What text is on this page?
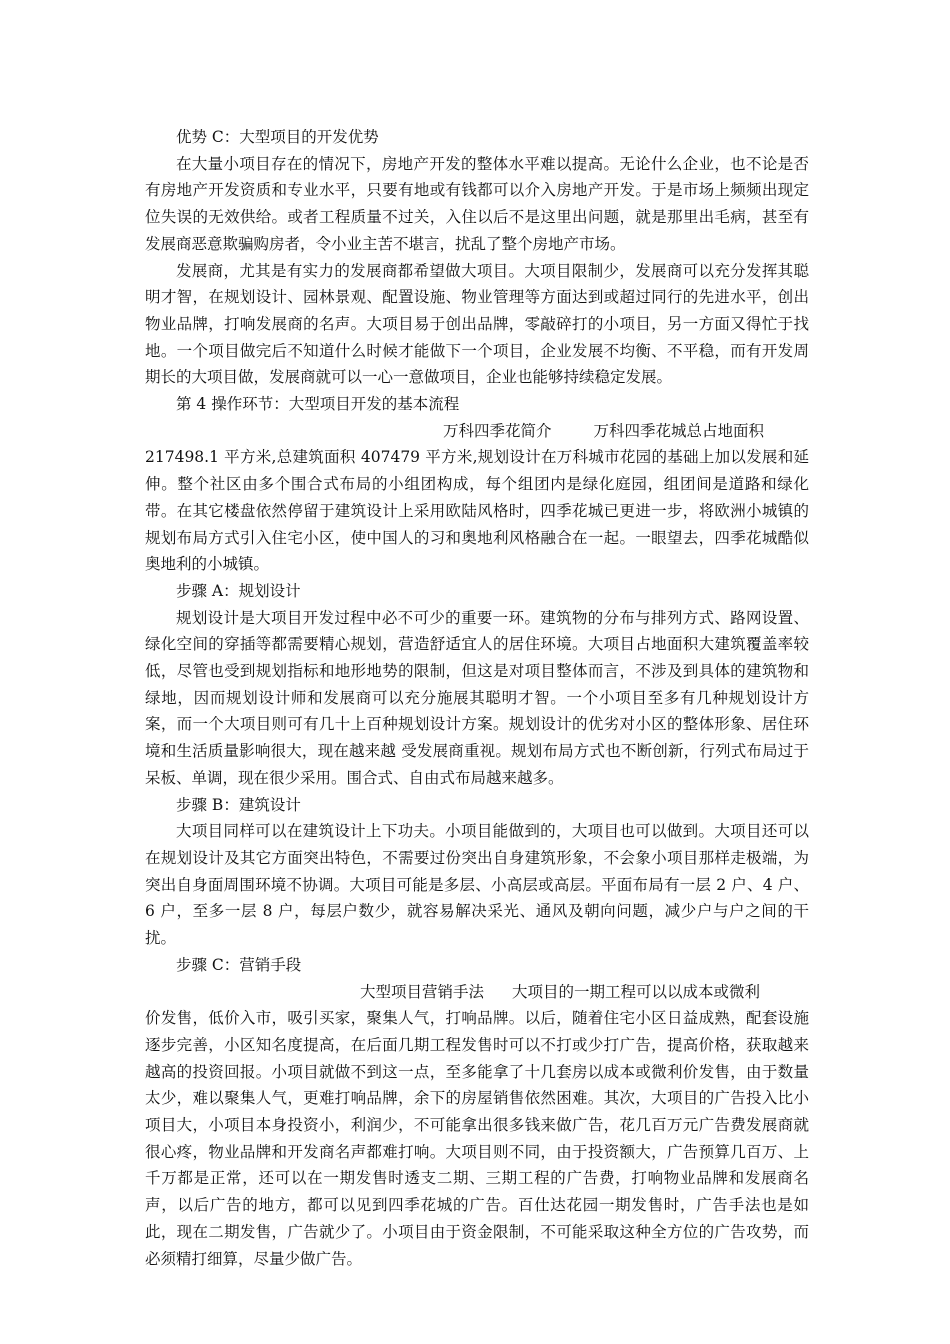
优势 C：大型项目的开发优势

在大量小项目存在的情况下，房地产开发的整体水平难以提高。无论什么企业，也不论是否有房地产开发资质和专业水平，只要有地或有钱都可以介入房地产开发。于是市场上频频出现定位失误的无效供给。或者工程质量不过关，入住以后不是这里出问题，就是那里出毛病，甚至有发展商恶意欺骗购房者，令小业主苦不堪言，扰乱了整个房地产市场。

发展商，尤其是有实力的发展商都希望做大项目。大项目限制少，发展商可以充分发挥其聪明才智，在规划设计、园林景观、配置设施、物业管理等方面达到或超过同行的先进水平，创出物业品牌，打响发展商的名声。大项目易于创出品牌，零敲碎打的小项目，另一方面又得忙于找地。一个项目做完后不知道什么时候才能做下一个项目，企业发展不均衡、不平稳，而有开发周期长的大项目做，发展商就可以一心一意做项目，企业也能够持续稳定发展。

第 4 操作环节：大型项目开发的基本流程

万科四季花简介	万科四季花城总占地面积

217498.1 平方米,总建筑面积 407479 平方米,规划设计在万科城市花园的基础上加以发展和延伸。整个社区由多个围合式布局的小组团构成，每个组团内是绿化庭园，组团间是道路和绿化带。在其它楼盘依然停留于建筑设计上采用欧陆风格时，四季花城已更进一步，将欧洲小城镇的规划布局方式引入住宅小区，使中国人的习和奥地利风格融合在一起。一眼望去，四季花城酷似奥地利的小城镇。

步骤 A：规划设计

规划设计是大项目开发过程中必不可少的重要一环。建筑物的分布与排列方式、路网设置、绿化空间的穿插等都需要精心规划，营造舒适宜人的居住环境。大项目占地面积大建筑覆盖率较低，尽管也受到规划指标和地形地势的限制，但这是对项目整体而言，不涉及到具体的建筑物和绿地，因而规划设计师和发展商可以充分施展其聪明才智。一个小项目至多有几种规划设计方案，而一个大项目则可有几十上百种规划设计方案。规划设计的优劣对小区的整体形象、居住环境和生活质量影响很大，现在越来越 受发展商重视。规划布局方式也不断创新，行列式布局过于呆板、单调，现在很少采用。围合式、自由式布局越来越多。

步骤 B：建筑设计

大项目同样可以在建筑设计上下功夫。小项目能做到的，大项目也可以做到。大项目还可以在规划设计及其它方面突出特色，不需要过份突出自身建筑形象，不会象小项目那样走极端，为突出自身面周围环境不协调。大项目可能是多层、小高层或高层。平面布局有一层 2 户、4 户、6 户，至多一层 8 户，每层户数少，就容易解决采光、通风及朝向问题，减少户与户之间的干扰。

步骤 C：营销手段

大型项目营销手法 大项目的一期工程可以以成本或微利

价发售，低价入市，吸引买家，聚集人气，打响品牌。以后，随着住宅小区日益成熟，配套设施逐步完善，小区知名度提高，在后面几期工程发售时可以不打或少打广告，提高价格，获取越来越高的投资回报。小项目就做不到这一点，至多能拿了十几套房以成本或微利价发售，由于数量太少，难以聚集人气，更难打响品牌，余下的房屋销售依然困难。其次，大项目的广告投入比小项目大，小项目本身投资小，利润少，不可能拿出很多钱来做广告，花几百万元广告费发展商就很心疼，物业品牌和开发商名声都难打响。大项目则不同，由于投资额大，广告预算几百万、上千万都是正常，还可以在一期发售时透支二期、三期工程的广告费，打响物业品牌和发展商名声，以后广告的地方，都可以见到四季花城的广告。百仕达花园一期发售时，广告手法也是如此，现在二期发售，广告就少了。小项目由于资金限制，不可能采取这种全方位的广告攻势，而必须精打细算，尽量少做广告。
